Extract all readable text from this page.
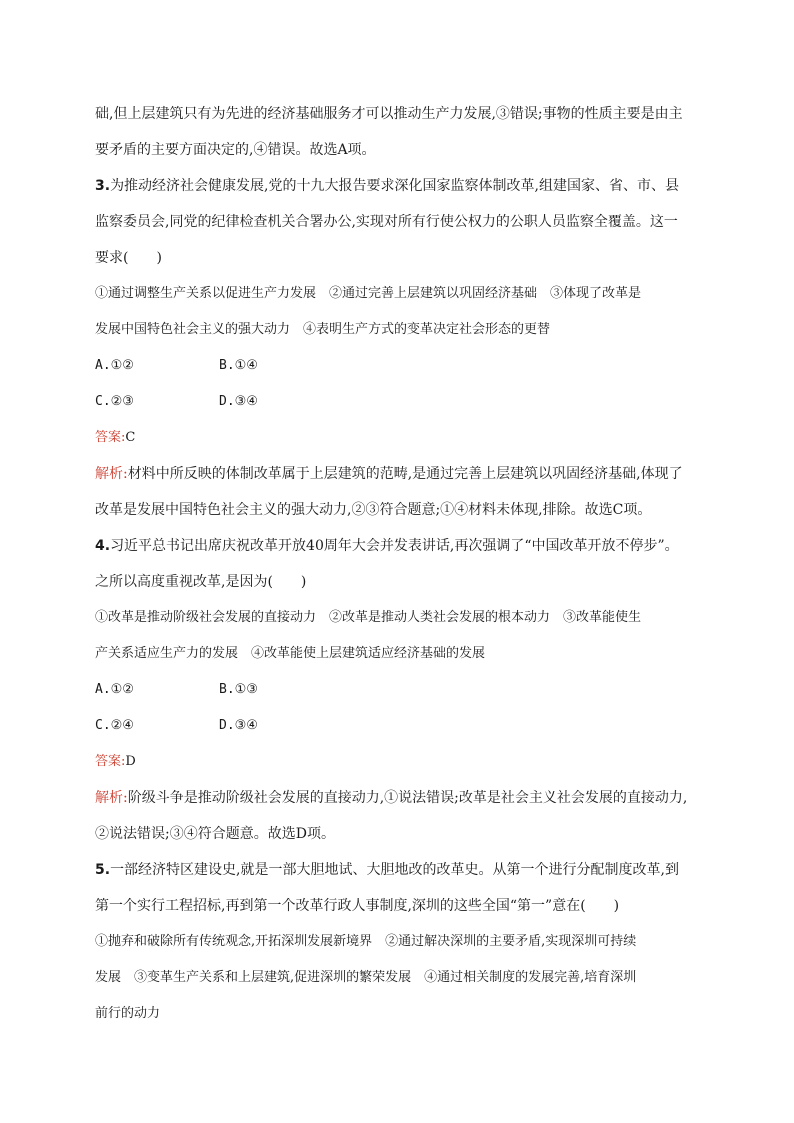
础,但上层建筑只有为先进的经济基础服务才可以推动生产力发展,③错误;事物的性质主要是由主
要矛盾的主要方面决定的,④错误。故选A项。
3.为推动经济社会健康发展,党的十九大报告要求深化国家监察体制改革,组建国家、省、市、县
监察委员会,同党的纪律检查机关合署办公,实现对所有行使公权力的公职人员监察全覆盖。这一
要求(　　)
①通过调整生产关系以促进生产力发展　②通过完善上层建筑以巩固经济基础　③体现了改革是
发展中国特色社会主义的强大动力　④表明生产方式的变革决定社会形态的更替
A.①②	B.①④
C.②③	D.③④
答案:C
解析:材料中所反映的体制改革属于上层建筑的范畴,是通过完善上层建筑以巩固经济基础,体现了
改革是发展中国特色社会主义的强大动力,②③符合题意;①④材料未体现,排除。故选C项。
4.习近平总书记出席庆祝改革开放40周年大会并发表讲话,再次强调了“中国改革开放不停步”。
之所以高度重视改革,是因为(　　)
①改革是推动阶级社会发展的直接动力　②改革是推动人类社会发展的根本动力　③改革能使生
产关系适应生产力的发展　④改革能使上层建筑适应经济基础的发展
A.①②	B.①③
C.②④	D.③④
答案:D
解析:阶级斗争是推动阶级社会发展的直接动力,①说法错误;改革是社会主义社会发展的直接动力,
②说法错误;③④符合题意。故选D项。
5.一部经济特区建设史,就是一部大胆地试、大胆地改的改革史。从第一个进行分配制度改革,到
第一个实行工程招标,再到第一个改革行政人事制度,深圳的这些全国“第一”意在(　　)
①抛弃和破除所有传统观念,开拓深圳发展新境界　②通过解决深圳的主要矛盾,实现深圳可持续
发展　③变革生产关系和上层建筑,促进深圳的繁荣发展　④通过相关制度的发展完善,培育深圳
前行的动力
